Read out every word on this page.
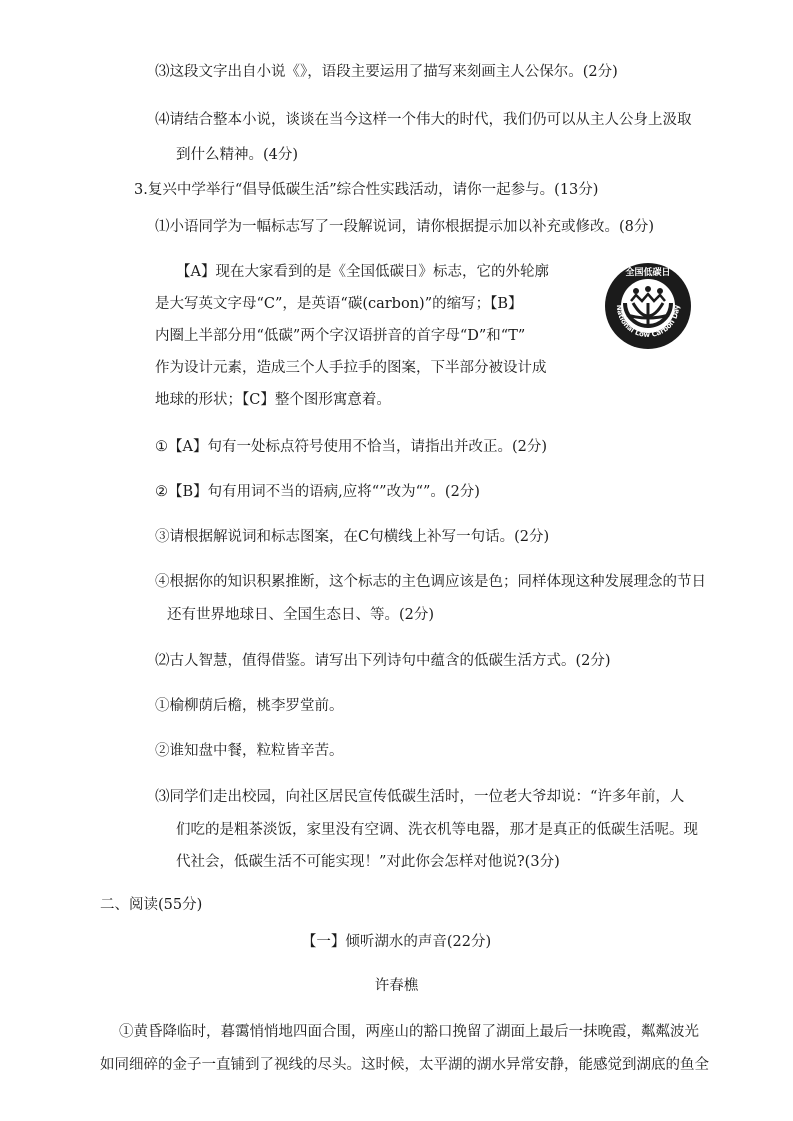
⑶这段文字出自小说《》，语段主要运用了描写来刻画主人公保尔。(2分)
⑷请结合整本小说，谈谈在当今这样一个伟大的时代，我们仍可以从主人公身上汲取
到什么精神。(4分)
3.复兴中学举行“倡导低碳生活”综合性实践活动，请你一起参与。(13分)
⑴小语同学为一幅标志写了一段解说词，请你根据提示加以补充或修改。(8分)
【A】现在大家看到的是《全国低碳日》标志，它的外轮廓
是大写英文字母“C”，是英语“碳(carbon)”的缩写；【B】
内圈上半部分用“低碳”两个字汉语拼音的首字母“D”和“T”
作为设计元素，造成三个人手拉手的图案，下半部分被设计成
地球的形状；【C】整个图形寓意着。
全国低碳日
National Low Carbon Day
①【A】句有一处标点符号使用不恰当，请指出并改正。(2分)
②【B】句有用词不当的语病,应将“”改为“”。(2分)
③请根据解说词和标志图案，在C句横线上补写一句话。(2分)
④根据你的知识积累推断，这个标志的主色调应该是色；同样体现这种发展理念的节日
还有世界地球日、全国生态日、等。(2分)
⑵古人智慧，值得借鉴。请写出下列诗句中蕴含的低碳生活方式。(2分)
①榆柳荫后檐，桃李罗堂前。
②谁知盘中餐，粒粒皆辛苦。
⑶同学们走出校园，向社区居民宣传低碳生活时，一位老大爷却说：“许多年前，人
们吃的是粗茶淡饭，家里没有空调、洗衣机等电器，那才是真正的低碳生活呢。现
代社会，低碳生活不可能实现！”对此你会怎样对他说?(3分)
二、阅读(55分)
【一】倾听湖水的声音(22分)
许春樵
①黄昏降临时，暮霭悄悄地四面合围，两座山的豁口挽留了湖面上最后一抹晚霞，粼粼波光
如同细碎的金子一直铺到了视线的尽头。这时候，太平湖的湖水异常安静，能感觉到湖底的鱼全
